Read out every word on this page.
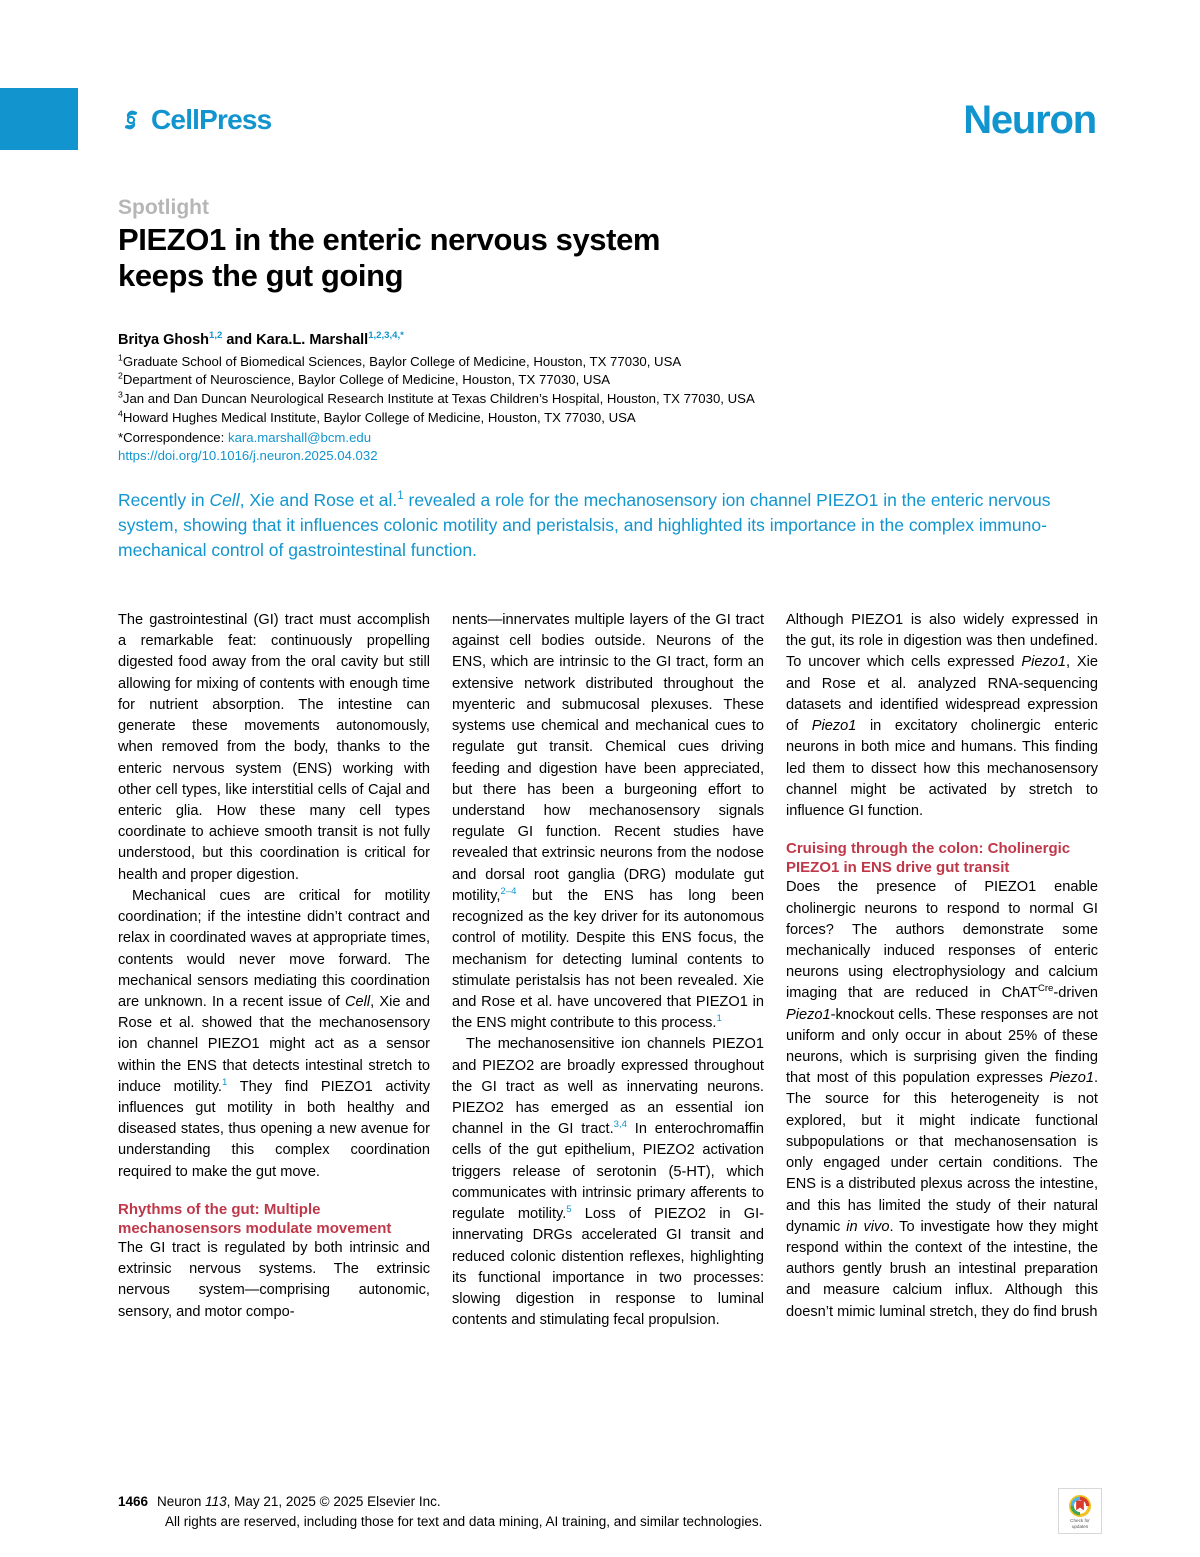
CellPress	Neuron
Spotlight
PIEZO1 in the enteric nervous system
keeps the gut going
Britya Ghosh$^{1,2}$ and Kara.L. Marshall$^{1,2,3,4,*}$
$^1$Graduate School of Biomedical Sciences, Baylor College of Medicine, Houston, TX 77030, USA
$^2$Department of Neuroscience, Baylor College of Medicine, Houston, TX 77030, USA
$^3$Jan and Dan Duncan Neurological Research Institute at Texas Children’s Hospital, Houston, TX 77030, USA
$^4$Howard Hughes Medical Institute, Baylor College of Medicine, Houston, TX 77030, USA
*Correspondence: kara.marshall@bcm.edu
https://doi.org/10.1016/j.neuron.2025.04.032
Recently in Cell, Xie and Rose et al.$^1$ revealed a role for the mechanosensory ion channel PIEZO1 in the enteric nervous system, showing that it influences colonic motility and peristalsis, and highlighted its importance in the complex immuno-mechanical control of gastrointestinal function.

The gastrointestinal (GI) tract must accomplish a remarkable feat: continuously propelling digested food away from the oral cavity but still allowing for mixing of contents with enough time for nutrient absorption. The intestine can generate these movements autonomously, when removed from the body, thanks to the enteric nervous system (ENS) working with other cell types, like interstitial cells of Cajal and enteric glia. How these many cell types coordinate to achieve smooth transit is not fully understood, but this coordination is critical for health and proper digestion.

Mechanical cues are critical for motility coordination; if the intestine didn’t contract and relax in coordinated waves at appropriate times, contents would never move forward. The mechanical sensors mediating this coordination are unknown. In a recent issue of Cell, Xie and Rose et al. showed that the mechanosensory ion channel PIEZO1 might act as a sensor within the ENS that detects intestinal stretch to induce motility.$^1$ They find PIEZO1 activity influences gut motility in both healthy and diseased states, thus opening a new avenue for understanding this complex coordination required to make the gut move.

Rhythms of the gut: Multiple mechanosensors modulate movement

The GI tract is regulated by both intrinsic and extrinsic nervous systems. The extrinsic nervous system—comprising autonomic, sensory, and motor compo-

nents—innervates multiple layers of the GI tract against cell bodies outside. Neurons of the ENS, which are intrinsic to the GI tract, form an extensive network distributed throughout the myenteric and submucosal plexuses. These systems use chemical and mechanical cues to regulate gut transit. Chemical cues driving feeding and digestion have been appreciated, but there has been a burgeoning effort to understand how mechanosensory signals regulate GI function. Recent studies have revealed that extrinsic neurons from the nodose and dorsal root ganglia (DRG) modulate gut motility,$^{2-4}$ but the ENS has long been recognized as the key driver for its autonomous control of motility. Despite this ENS focus, the mechanism for detecting luminal contents to stimulate peristalsis has not been revealed. Xie and Rose et al. have uncovered that PIEZO1 in the ENS might contribute to this process.$^1$

The mechanosensitive ion channels PIEZO1 and PIEZO2 are broadly expressed throughout the GI tract as well as innervating neurons. PIEZO2 has emerged as an essential ion channel in the GI tract.$^{3,4}$ In enterochromaffin cells of the gut epithelium, PIEZO2 activation triggers release of serotonin (5-HT), which communicates with intrinsic primary afferents to regulate motility.$^5$ Loss of PIEZO2 in GI-innervating DRGs accelerated GI transit and reduced colonic distention reflexes, highlighting its functional importance in two processes: slowing digestion in response to luminal contents and stimulating fecal propulsion.

Although PIEZO1 is also widely expressed in the gut, its role in digestion was then undefined. To uncover which cells expressed Piezo1, Xie and Rose et al. analyzed RNA-sequencing datasets and identified widespread expression of Piezo1 in excitatory cholinergic enteric neurons in both mice and humans. This finding led them to dissect how this mechanosensory channel might be activated by stretch to influence GI function.

Cruising through the colon: Cholinergic PIEZO1 in ENS drive gut transit

Does the presence of PIEZO1 enable cholinergic neurons to respond to normal GI forces? The authors demonstrate some mechanically induced responses of enteric neurons using electrophysiology and calcium imaging that are reduced in ChAT$^{Cre}$-driven Piezo1-knockout cells. These responses are not uniform and only occur in about 25% of these neurons, which is surprising given the finding that most of this population expresses Piezo1. The source for this heterogeneity is not explored, but it might indicate functional subpopulations or that mechanosensation is only engaged under certain conditions. The ENS is a distributed plexus across the intestine, and this has limited the study of their natural dynamic in vivo. To investigate how they might respond within the context of the intestine, the authors gently brush an intestinal preparation and measure calcium influx. Although this doesn’t mimic luminal stretch, they do find brush

1466 Neuron 113, May 21, 2025 © 2025 Elsevier Inc.
All rights are reserved, including those for text and data mining, AI training, and similar technologies.	Check for
updates
